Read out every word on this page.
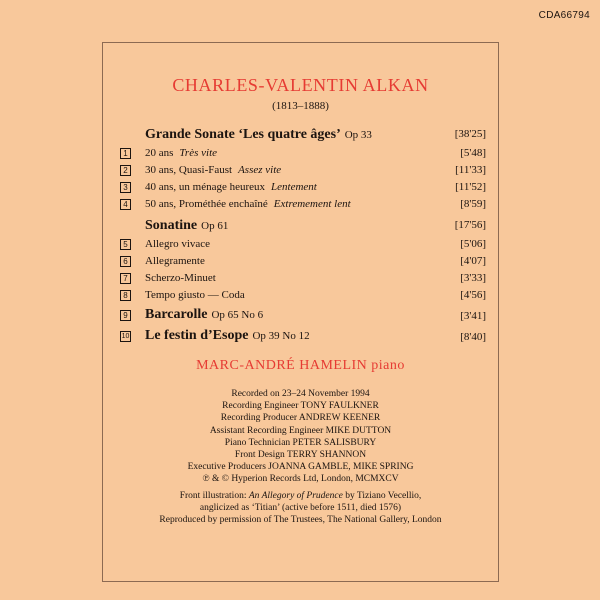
CDA66794
CHARLES-VALENTIN ALKAN
(1813–1888)
Grande Sonate ‘Les quatre âges’ Op 33	[38'25]
1 20 ans Très vite	[5'48]
2 30 ans, Quasi-Faust Assez vite	[11'33]
3 40 ans, un ménage heureux Lentement	[11'52]
4 50 ans, Prométhée enchaîné Extremement lent	[8'59]
Sonatine Op 61	[17'56]
5 Allegro vivace	[5'06]
6 Allegramente	[4'07]
7 Scherzo-Minuet	[3'33]
8 Tempo giusto — Coda	[4'56]
9 Barcarolle Op 65 No 6	[3'41]
10 Le festin d’Esope Op 39 No 12	[8'40]
MARC-ANDRÉ HAMELIN piano
Recorded on 23–24 November 1994
Recording Engineer TONY FAULKNER
Recording Producer ANDREW KEENER
Assistant Recording Engineer MIKE DUTTON
Piano Technician PETER SALISBURY
Front Design TERRY SHANNON
Executive Producers JOANNA GAMBLE, MIKE SPRING
℗ & © Hyperion Records Ltd, London, MCMXCV
Front illustration: An Allegory of Prudence by Tiziano Vecellio,
anglicized as ‘Titian’ (active before 1511, died 1576)
Reproduced by permission of The Trustees, The National Gallery, London
